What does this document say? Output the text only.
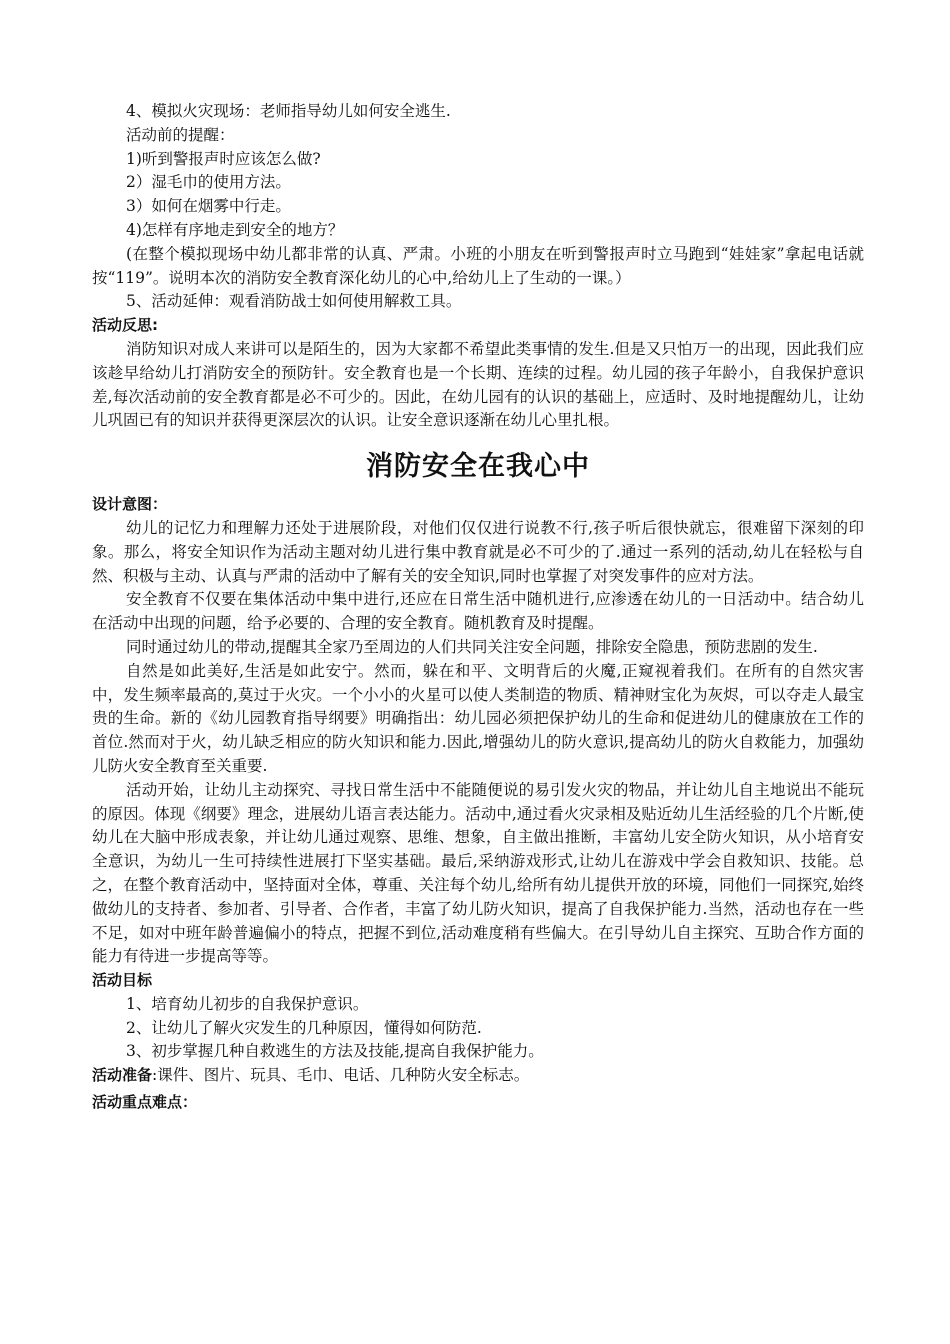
4、模拟火灾现场：老师指导幼儿如何安全逃生.

活动前的提醒：

1)听到警报声时应该怎么做?

2）湿毛巾的使用方法。

3）如何在烟雾中行走。

4)怎样有序地走到安全的地方？

(在整个模拟现场中幼儿都非常的认真、严肃。小班的小朋友在听到警报声时立马跑到“娃娃家”拿起电话就按“119”。说明本次的消防安全教育深化幼儿的心中,给幼儿上了生动的一课。）

5、活动延伸：观看消防战士如何使用解救工具。

活动反思:

消防知识对成人来讲可以是陌生的，因为大家都不希望此类事情的发生.但是又只怕万一的出现，因此我们应该趁早给幼儿打消防安全的预防针。安全教育也是一个长期、连续的过程。幼儿园的孩子年龄小，自我保护意识差,每次活动前的安全教育都是必不可少的。因此，在幼儿园有的认识的基础上，应适时、及时地提醒幼儿，让幼儿巩固已有的知识并获得更深层次的认识。让安全意识逐渐在幼儿心里扎根。

消防安全在我心中

设计意图：

幼儿的记忆力和理解力还处于进展阶段，对他们仅仅进行说教不行,孩子听后很快就忘，很难留下深刻的印象。那么，将安全知识作为活动主题对幼儿进行集中教育就是必不可少的了.通过一系列的活动,幼儿在轻松与自然、积极与主动、认真与严肃的活动中了解有关的安全知识,同时也掌握了对突发事件的应对方法。

安全教育不仅要在集体活动中集中进行,还应在日常生活中随机进行,应渗透在幼儿的一日活动中。结合幼儿在活动中出现的问题，给予必要的、合理的安全教育。随机教育及时提醒。

同时通过幼儿的带动,提醒其全家乃至周边的人们共同关注安全问题，排除安全隐患，预防悲剧的发生.

自然是如此美好,生活是如此安宁。然而，躲在和平、文明背后的火魔,正窥视着我们。在所有的自然灾害中，发生频率最高的,莫过于火灾。一个小小的火星可以使人类制造的物质、精神财宝化为灰烬，可以夺走人最宝贵的生命。新的《幼儿园教育指导纲要》明确指出：幼儿园必须把保护幼儿的生命和促进幼儿的健康放在工作的首位.然而对于火，幼儿缺乏相应的防火知识和能力.因此,增强幼儿的防火意识,提高幼儿的防火自救能力，加强幼儿防火安全教育至关重要.

活动开始，让幼儿主动探究、寻找日常生活中不能随便说的易引发火灾的物品，并让幼儿自主地说出不能玩的原因。体现《纲要》理念，进展幼儿语言表达能力。活动中,通过看火灾录相及贴近幼儿生活经验的几个片断,使幼儿在大脑中形成表象，并让幼儿通过观察、思维、想象，自主做出推断，丰富幼儿安全防火知识，从小培育安全意识，为幼儿一生可持续性进展打下坚实基础。最后,采纳游戏形式,让幼儿在游戏中学会自救知识、技能。总之，在整个教育活动中，坚持面对全体，尊重、关注每个幼儿,给所有幼儿提供开放的环境，同他们一同探究,始终做幼儿的支持者、参加者、引导者、合作者，丰富了幼儿防火知识，提高了自我保护能力.当然，活动也存在一些不足，如对中班年龄普遍偏小的特点，把握不到位,活动难度稍有些偏大。在引导幼儿自主探究、互助合作方面的能力有待进一步提高等等。

活动目标

1、培育幼儿初步的自我保护意识。

2、让幼儿了解火灾发生的几种原因，懂得如何防范.

3、初步掌握几种自救逃生的方法及技能,提高自我保护能力。

活动准备:课件、图片、玩具、毛巾、电话、几种防火安全标志。

活动重点难点：
